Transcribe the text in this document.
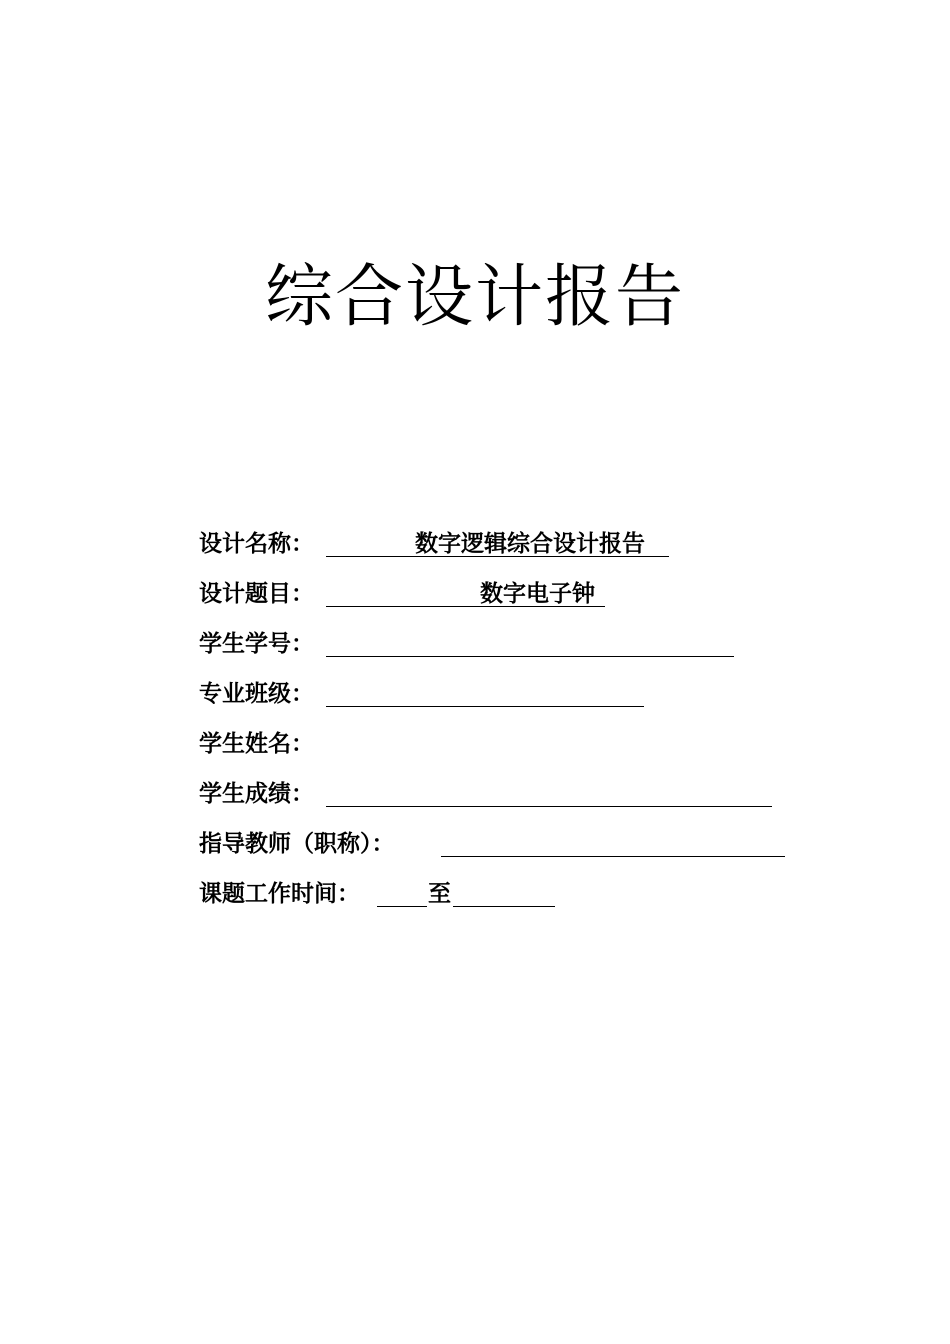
综合设计报告
设计名称：	数字逻辑综合设计报告
设计题目：	数字电子钟
学生学号：
专业班级：
学生姓名：
学生成绩：
指导教师（职称）：
课题工作时间：	至
